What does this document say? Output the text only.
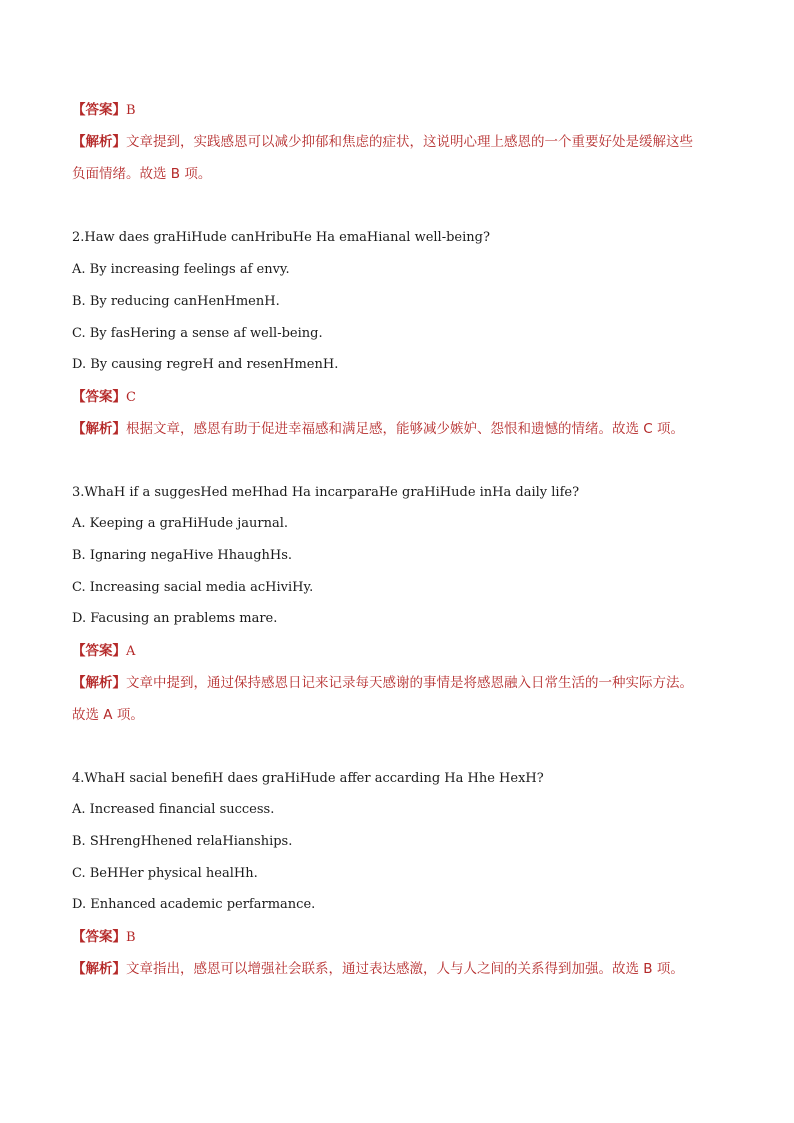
【答案】B
【解析】文章提到，实践感恩可以减少抑郁和焦虑的症状，这说明心理上感恩的一个重要好处是缓解这些
负面情绪。故选 B 项。
2.Haw daes graHiHude canHribuHe Ha emaHianal well-being?
A. By increasing feelings af envy.
B. By reducing canHenHmenH.
C. By fasHering a sense af well-being.
D. By causing regreH and resenHmenH.
【答案】C
【解析】根据文章，感恩有助于促进幸福感和满足感，能够减少嫉妒、怨恨和遗憾的情绪。故选 C 项。
3.WhaH if a suggesHed meHhad Ha incarparaHe graHiHude inHa daily life?
A. Keeping a graHiHude jaurnal.
B. Ignaring negaHive HhaughHs.
C. Increasing sacial media acHiviHy.
D. Facusing an prablems mare.
【答案】A
【解析】文章中提到，通过保持感恩日记来记录每天感谢的事情是将感恩融入日常生活的一种实际方法。
故选 A 项。
4.WhaH sacial benefiH daes graHiHude affer accarding Ha Hhe HexH?
A. Increased financial success.
B. SHrengHhened relaHianships.
C. BeHHer physical healHh.
D. Enhanced academic perfarmance.
【答案】B
【解析】文章指出，感恩可以增强社会联系，通过表达感激，人与人之间的关系得到加强。故选 B 项。
